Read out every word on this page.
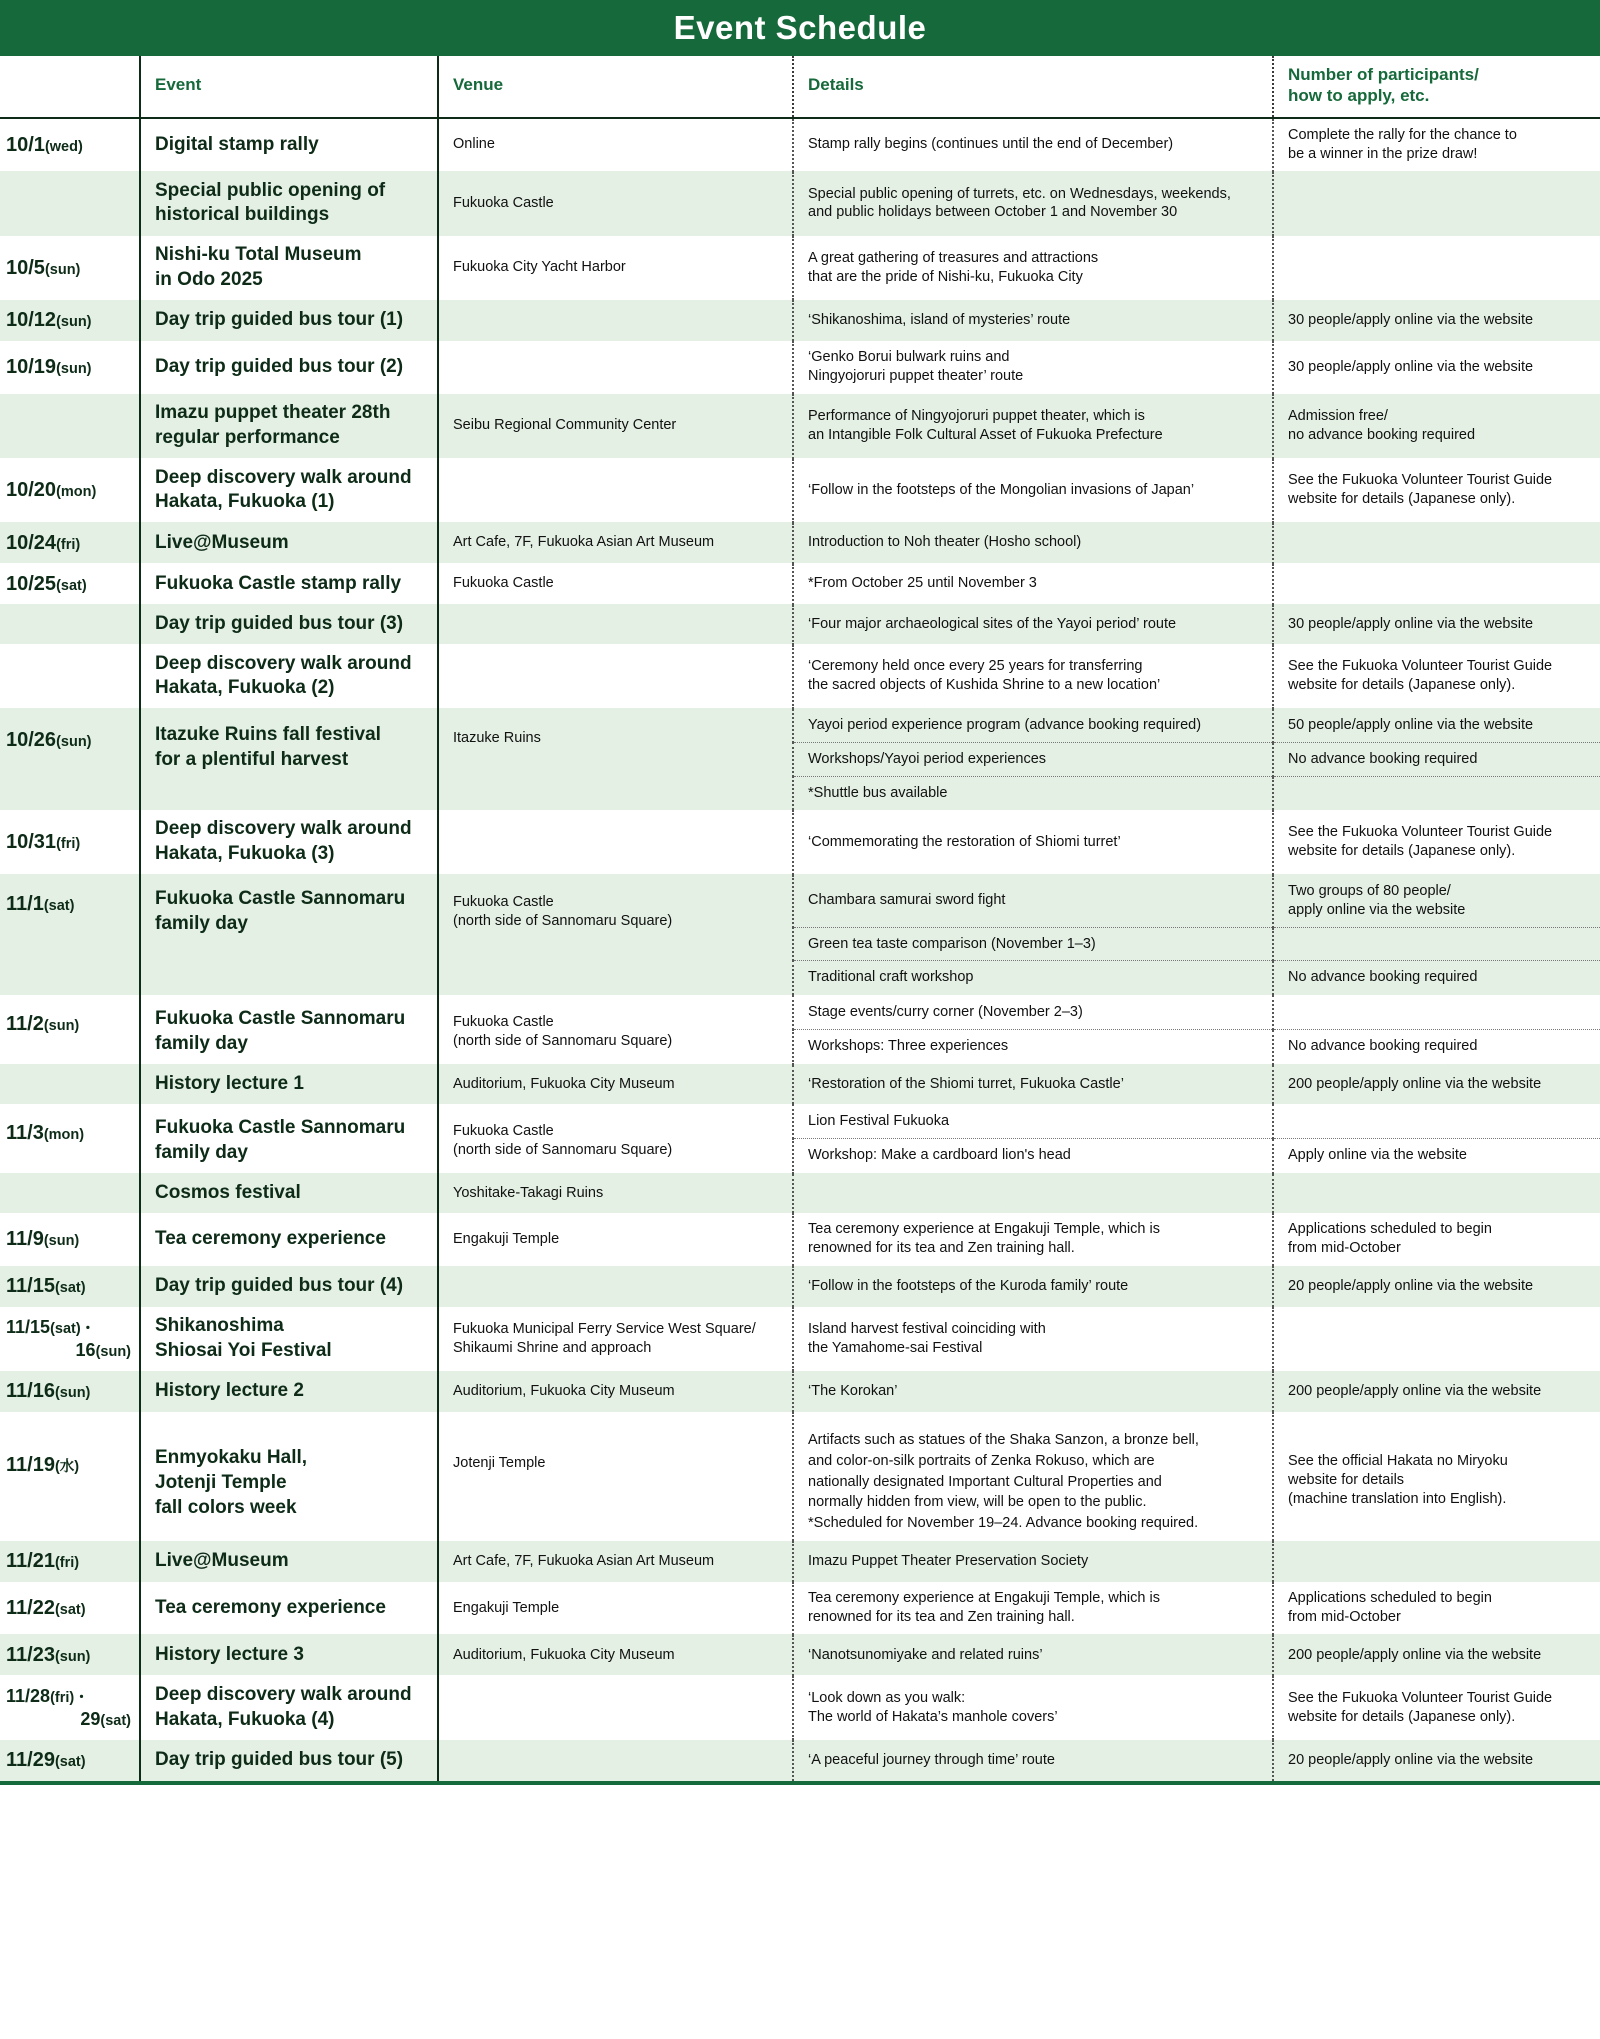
Event Schedule
	Event	Venue	Details	Number of participants/
how to apply, etc.
10/1(wed)	Digital stamp rally	Online	Stamp rally begins (continues until the end of December)	Complete the rally for the chance to
be a winner in the prize draw!
	Special public opening of
historical buildings	Fukuoka Castle	Special public opening of turrets, etc. on Wednesdays, weekends,
and public holidays between October 1 and November 30	
10/5(sun)	Nishi-ku Total Museum
in Odo 2025	Fukuoka City Yacht Harbor	A great gathering of treasures and attractions
that are the pride of Nishi-ku, Fukuoka City	
10/12(sun)	Day trip guided bus tour (1)		‘Shikanoshima, island of mysteries’ route	30 people/apply online via the website
10/19(sun)	Day trip guided bus tour (2)		‘Genko Borui bulwark ruins and
Ningyojoruri puppet theater’ route	30 people/apply online via the website
	Imazu puppet theater 28th
regular performance	Seibu Regional Community Center	Performance of Ningyojoruri puppet theater, which is
an Intangible Folk Cultural Asset of Fukuoka Prefecture	Admission free/
no advance booking required
10/20(mon)	Deep discovery walk around
Hakata, Fukuoka (1)		‘Follow in the footsteps of the Mongolian invasions of Japan’	See the Fukuoka Volunteer Tourist Guide
website for details (Japanese only).
10/24(fri)	Live@Museum	Art Cafe, 7F, Fukuoka Asian Art Museum	Introduction to Noh theater (Hosho school)	
10/25(sat)	Fukuoka Castle stamp rally	Fukuoka Castle	*From October 25 until November 3	
	Day trip guided bus tour (3)		‘Four major archaeological sites of the Yayoi period’ route	30 people/apply online via the website
	Deep discovery walk around
Hakata, Fukuoka (2)		‘Ceremony held once every 25 years for transferring
the sacred objects of Kushida Shrine to a new location’	See the Fukuoka Volunteer Tourist Guide
website for details (Japanese only).
10/26(sun)	Itazuke Ruins fall festival
for a plentiful harvest	Itazuke Ruins	Yayoi period experience program (advance booking required)	50 people/apply online via the website
			Workshops/Yayoi period experiences	No advance booking required
			*Shuttle bus available	
10/31(fri)	Deep discovery walk around
Hakata, Fukuoka (3)		‘Commemorating the restoration of Shiomi turret’	See the Fukuoka Volunteer Tourist Guide
website for details (Japanese only).
11/1(sat)	Fukuoka Castle Sannomaru
family day	Fukuoka Castle
(north side of Sannomaru Square)	Chambara samurai sword fight	Two groups of 80 people/
apply online via the website
			Green tea taste comparison (November 1–3)	
			Traditional craft workshop	No advance booking required
11/2(sun)	Fukuoka Castle Sannomaru
family day	Fukuoka Castle
(north side of Sannomaru Square)	Stage events/curry corner (November 2–3)	
			Workshops: Three experiences	No advance booking required
	History lecture 1	Auditorium, Fukuoka City Museum	‘Restoration of the Shiomi turret, Fukuoka Castle’	200 people/apply online via the website
11/3(mon)	Fukuoka Castle Sannomaru
family day	Fukuoka Castle
(north side of Sannomaru Square)	Lion Festival Fukuoka	
			Workshop: Make a cardboard lion's head	Apply online via the website
	Cosmos festival	Yoshitake-Takagi Ruins		
11/9(sun)	Tea ceremony experience	Engakuji Temple	Tea ceremony experience at Engakuji Temple, which is
renowned for its tea and Zen training hall.	Applications scheduled to begin
from mid-October
11/15(sat)	Day trip guided bus tour (4)		‘Follow in the footsteps of the Kuroda family’ route	20 people/apply online via the website
11/15(sat)・
16(sun)	Shikanoshima
Shiosai Yoi Festival	Fukuoka Municipal Ferry Service West Square/
Shikaumi Shrine and approach	Island harvest festival coinciding with
the Yamahome-sai Festival	
11/16(sun)	History lecture 2	Auditorium, Fukuoka City Museum	‘The Korokan’	200 people/apply online via the website
11/19(水)	Enmyokaku Hall,
Jotenji Temple
fall colors week	Jotenji Temple	Artifacts such as statues of the Shaka Sanzon, a bronze bell,
and color-on-silk portraits of Zenka Rokuso, which are
nationally designated Important Cultural Properties and
normally hidden from view, will be open to the public.
*Scheduled for November 19–24. Advance booking required.	See the official Hakata no Miryoku
website for details
(machine translation into English).
11/21(fri)	Live@Museum	Art Cafe, 7F, Fukuoka Asian Art Museum	Imazu Puppet Theater Preservation Society	
11/22(sat)	Tea ceremony experience	Engakuji Temple	Tea ceremony experience at Engakuji Temple, which is
renowned for its tea and Zen training hall.	Applications scheduled to begin
from mid-October
11/23(sun)	History lecture 3	Auditorium, Fukuoka City Museum	‘Nanotsunomiyake and related ruins’	200 people/apply online via the website
11/28(fri)・
29(sat)	Deep discovery walk around
Hakata, Fukuoka (4)		‘Look down as you walk:
The world of Hakata’s manhole covers’	See the Fukuoka Volunteer Tourist Guide
website for details (Japanese only).
11/29(sat)	Day trip guided bus tour (5)		‘A peaceful journey through time’ route	20 people/apply online via the website
